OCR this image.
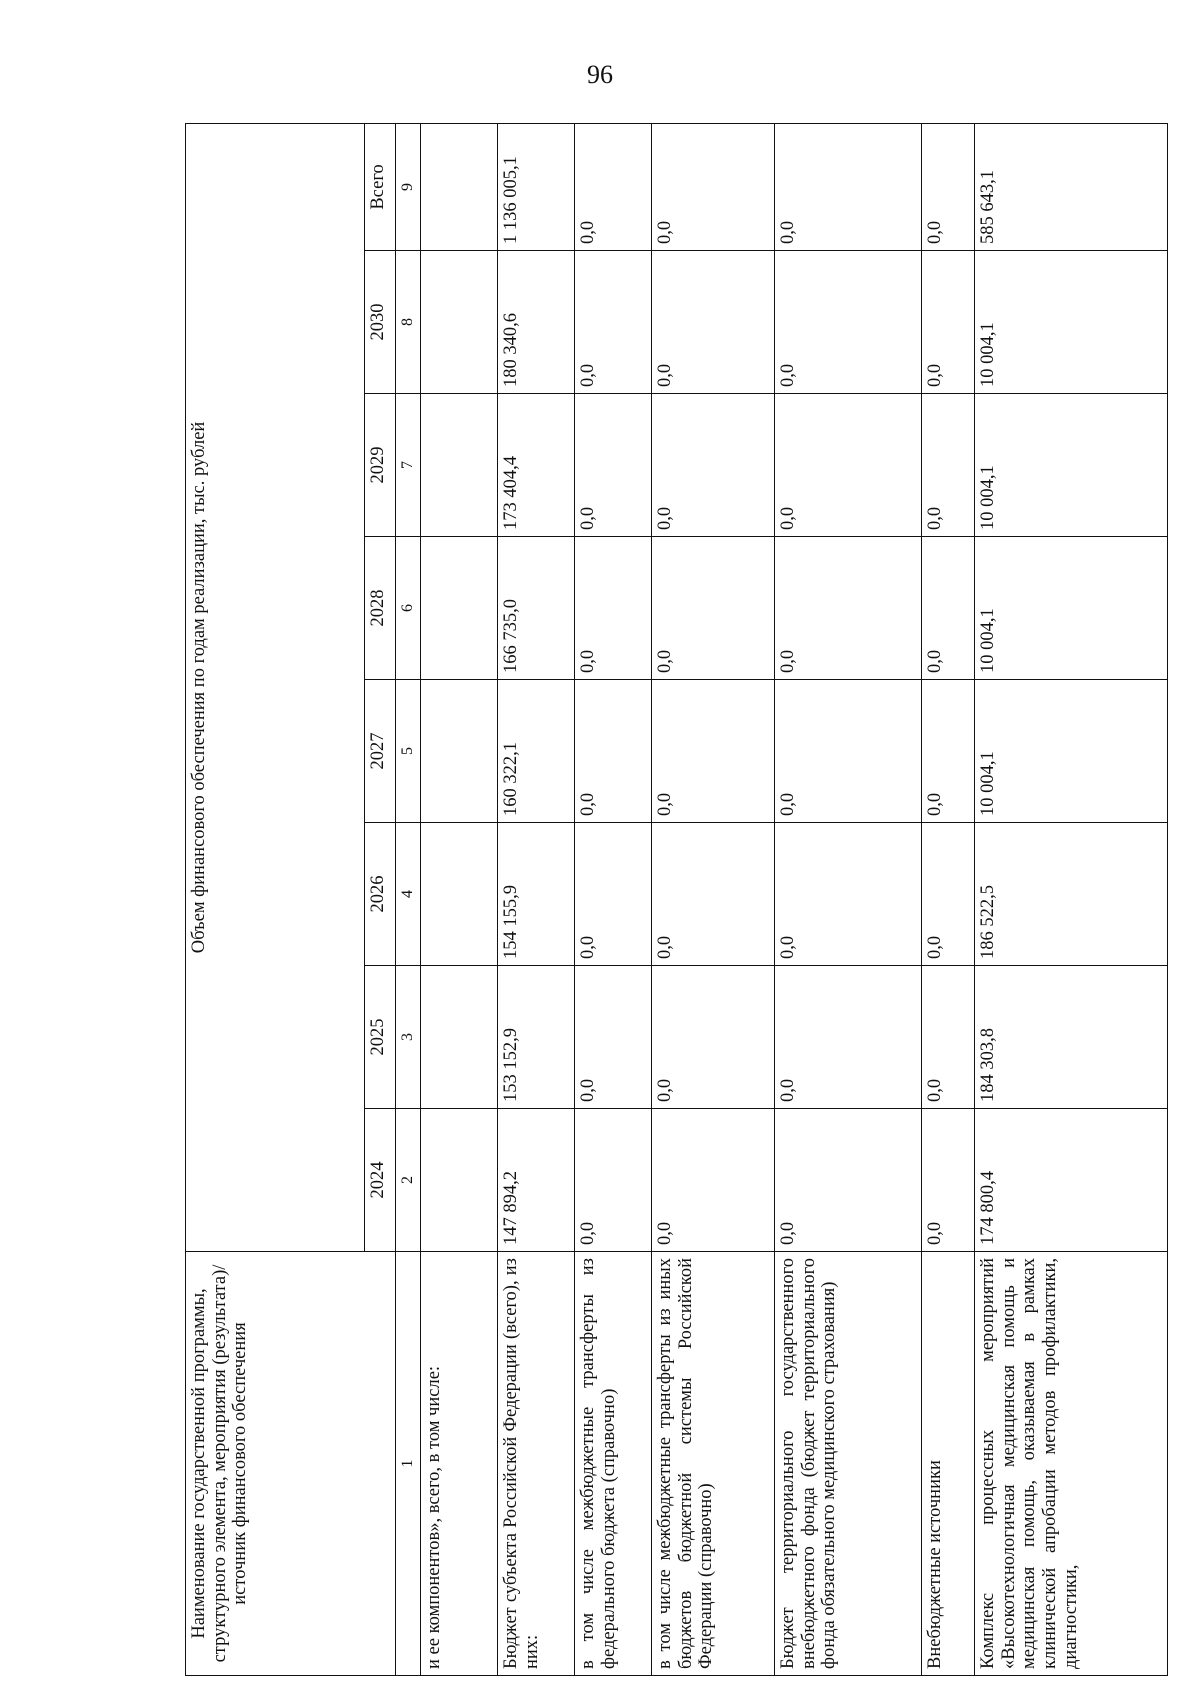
96
Наименование государственной программы, структурного элемента, мероприятия (результата)/источник финансового обеспечения	Объем финансового обеспечения по годам реализации, тыс. рублей							
	2024	2025	2026	2027	2028	2029	2030	Всего
1	2	3	4	5	6	7	8	9
и ее компонентов», всего, в том числе:								
Бюджет субъекта Российской Федерации (всего), из них:	147 894,2	153 152,9	154 155,9	160 322,1	166 735,0	173 404,4	180 340,6	1 136 005,1
в том числе межбюджетные трансферты из федерального бюджета (справочно)	0,0	0,0	0,0	0,0	0,0	0,0	0,0	0,0
в том числе межбюджетные трансферты из иных бюджетов бюджетной системы Российской Федерации (справочно)	0,0	0,0	0,0	0,0	0,0	0,0	0,0	0,0
Бюджет территориального государственного внебюджетного фонда (бюджет территориального фонда обязательного медицинского страхования)	0,0	0,0	0,0	0,0	0,0	0,0	0,0	0,0
Внебюджетные источники	0,0	0,0	0,0	0,0	0,0	0,0	0,0	0,0
Комплекс процессных мероприятий «Высокотехнологичная медицинская помощь и медицинская помощь, оказываемая в рамках клинической апробации методов профилактики, диагностики,	174 800,4	184 303,8	186 522,5	10 004,1	10 004,1	10 004,1	10 004,1	585 643,1
